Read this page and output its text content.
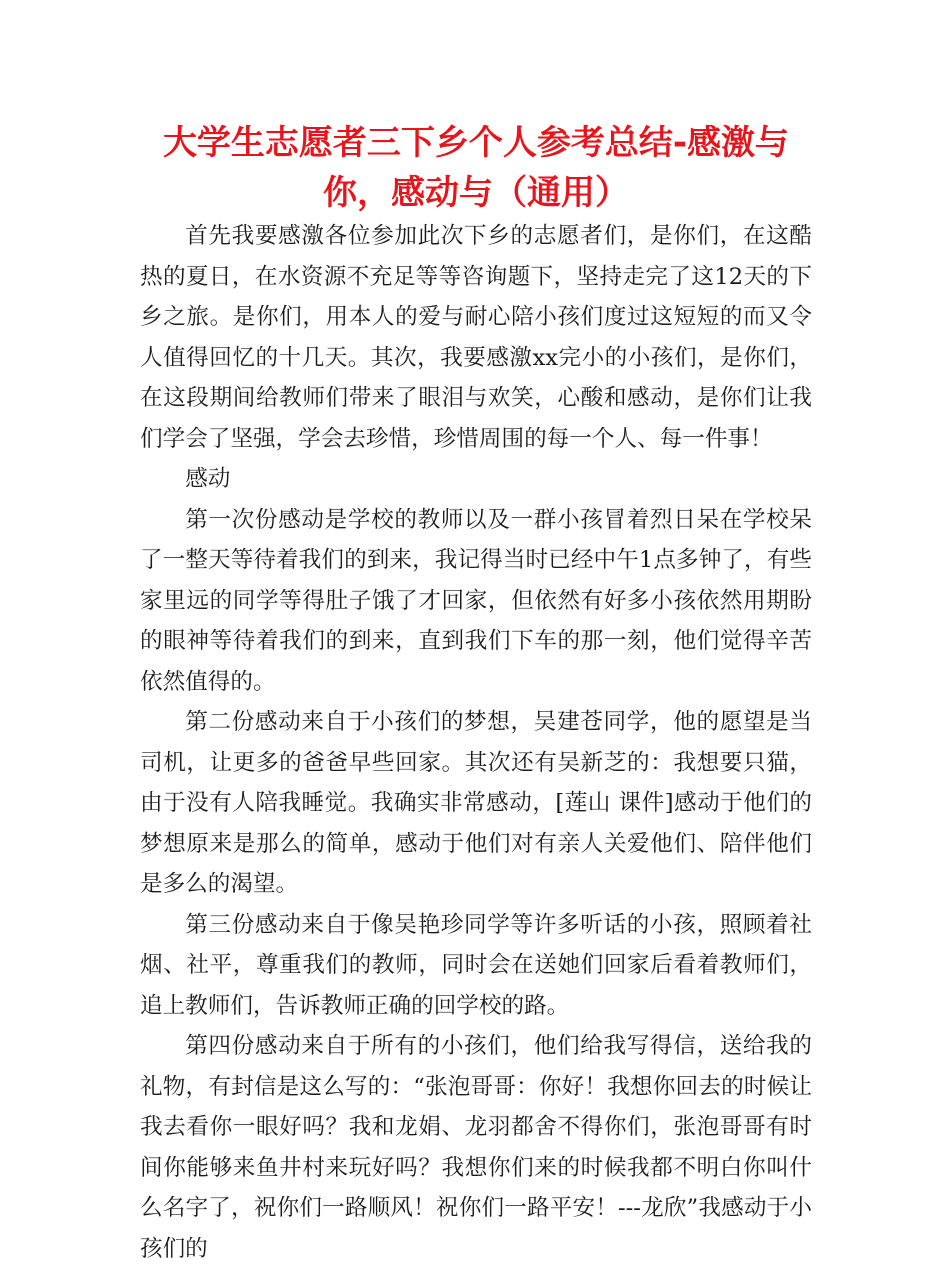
大学生志愿者三下乡个人参考总结-感激与你，感动与（通用）

首先我要感激各位参加此次下乡的志愿者们，是你们，在这酷热的夏日，在水资源不充足等等咨询题下，坚持走完了这12天的下乡之旅。是你们，用本人的爱与耐心陪小孩们度过这短短的而又令人值得回忆的十几天。其次，我要感激xx完小的小孩们，是你们，在这段期间给教师们带来了眼泪与欢笑，心酸和感动，是你们让我们学会了坚强，学会去珍惜，珍惜周围的每一个人、每一件事！

感动

第一次份感动是学校的教师以及一群小孩冒着烈日呆在学校呆了一整天等待着我们的到来，我记得当时已经中午1点多钟了，有些家里远的同学等得肚子饿了才回家，但依然有好多小孩依然用期盼的眼神等待着我们的到来，直到我们下车的那一刻，他们觉得辛苦依然值得的。

第二份感动来自于小孩们的梦想，吴建苍同学，他的愿望是当司机，让更多的爸爸早些回家。其次还有吴新芝的：我想要只猫，由于没有人陪我睡觉。我确实非常感动，[莲山 课件]感动于他们的梦想原来是那么的简单，感动于他们对有亲人关爱他们、陪伴他们是多么的渴望。

第三份感动来自于像吴艳珍同学等许多听话的小孩，照顾着社烟、社平，尊重我们的教师，同时会在送她们回家后看着教师们，追上教师们，告诉教师正确的回学校的路。

第四份感动来自于所有的小孩们，他们给我写得信，送给我的礼物，有封信是这么写的：“张泡哥哥：你好！我想你回去的时候让我去看你一眼好吗？我和龙娟、龙羽都舍不得你们，张泡哥哥有时间你能够来鱼井村来玩好吗？我想你们来的时候我都不明白你叫什么名字了，祝你们一路顺风！祝你们一路平安！---龙欣”我感动于小孩们的
